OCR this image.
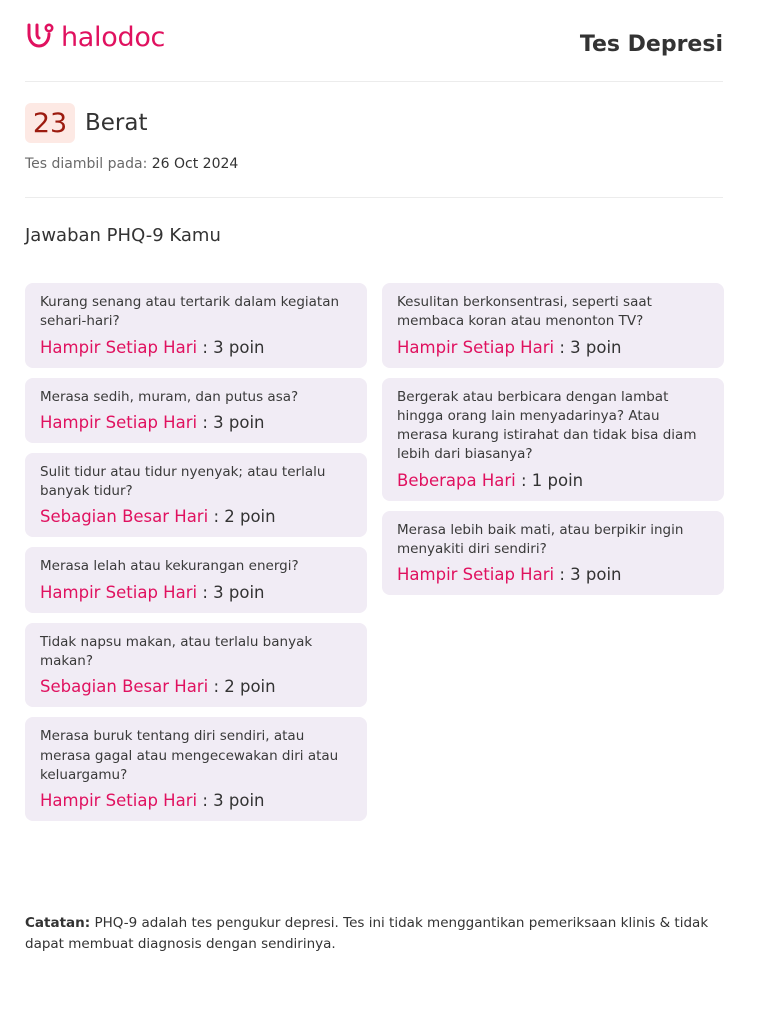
halodoc	Tes Depresi
23 Berat
Tes diambil pada: 26 Oct 2024
Jawaban PHQ-9 Kamu
Kurang senang atau tertarik dalam kegiatan sehari-hari?
Hampir Setiap Hari : 3 poin
Merasa sedih, muram, dan putus asa?
Hampir Setiap Hari : 3 poin
Sulit tidur atau tidur nyenyak; atau terlalu banyak tidur?
Sebagian Besar Hari : 2 poin
Merasa lelah atau kekurangan energi?
Hampir Setiap Hari : 3 poin
Tidak napsu makan, atau terlalu banyak makan?
Sebagian Besar Hari : 2 poin
Merasa buruk tentang diri sendiri, atau merasa gagal atau mengecewakan diri atau keluargamu?
Hampir Setiap Hari : 3 poin
Kesulitan berkonsentrasi, seperti saat membaca koran atau menonton TV?
Hampir Setiap Hari : 3 poin
Bergerak atau berbicara dengan lambat hingga orang lain menyadarinya? Atau merasa kurang istirahat dan tidak bisa diam lebih dari biasanya?
Beberapa Hari : 1 poin
Merasa lebih baik mati, atau berpikir ingin menyakiti diri sendiri?
Hampir Setiap Hari : 3 poin
Catatan: PHQ-9 adalah tes pengukur depresi. Tes ini tidak menggantikan pemeriksaan klinis & tidak dapat membuat diagnosis dengan sendirinya.
